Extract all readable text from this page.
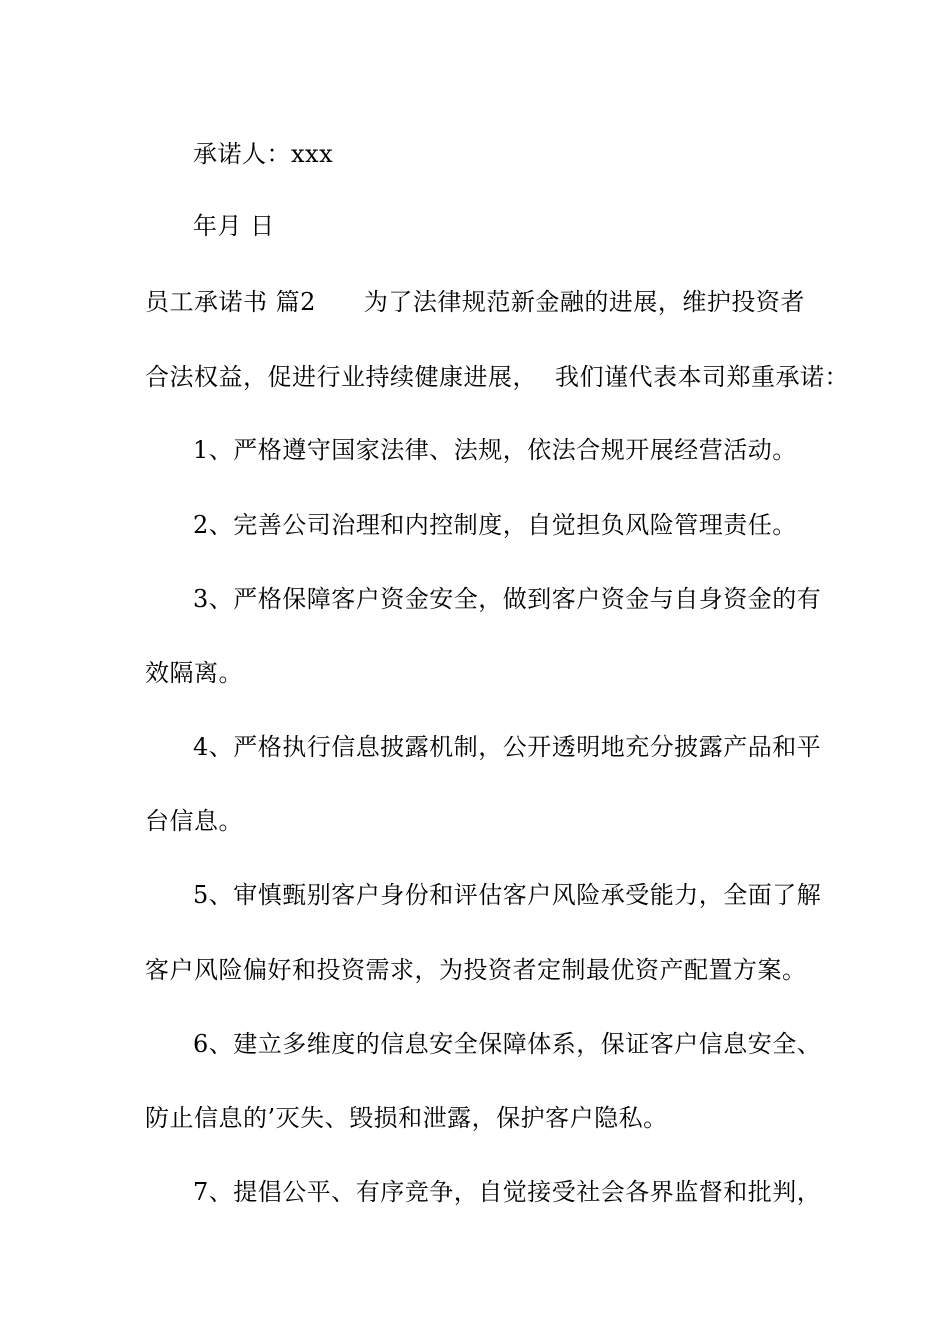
承诺人：xxx
年月 日
员工承诺书 篇2 为了法律规范新金融的进展，维护投资者
合法权益，促进行业持续健康进展， 我们谨代表本司郑重承诺：
1、严格遵守国家法律、法规，依法合规开展经营活动。
2、完善公司治理和内控制度，自觉担负风险管理责任。
3、严格保障客户资金安全，做到客户资金与自身资金的有
效隔离。
4、严格执行信息披露机制，公开透明地充分披露产品和平
台信息。
5、审慎甄别客户身份和评估客户风险承受能力，全面了解
客户风险偏好和投资需求，为投资者定制最优资产配置方案。
6、建立多维度的信息安全保障体系，保证客户信息安全、
防止信息的’灭失、毁损和泄露，保护客户隐私。
7、提倡公平、有序竞争，自觉接受社会各界监督和批判，
